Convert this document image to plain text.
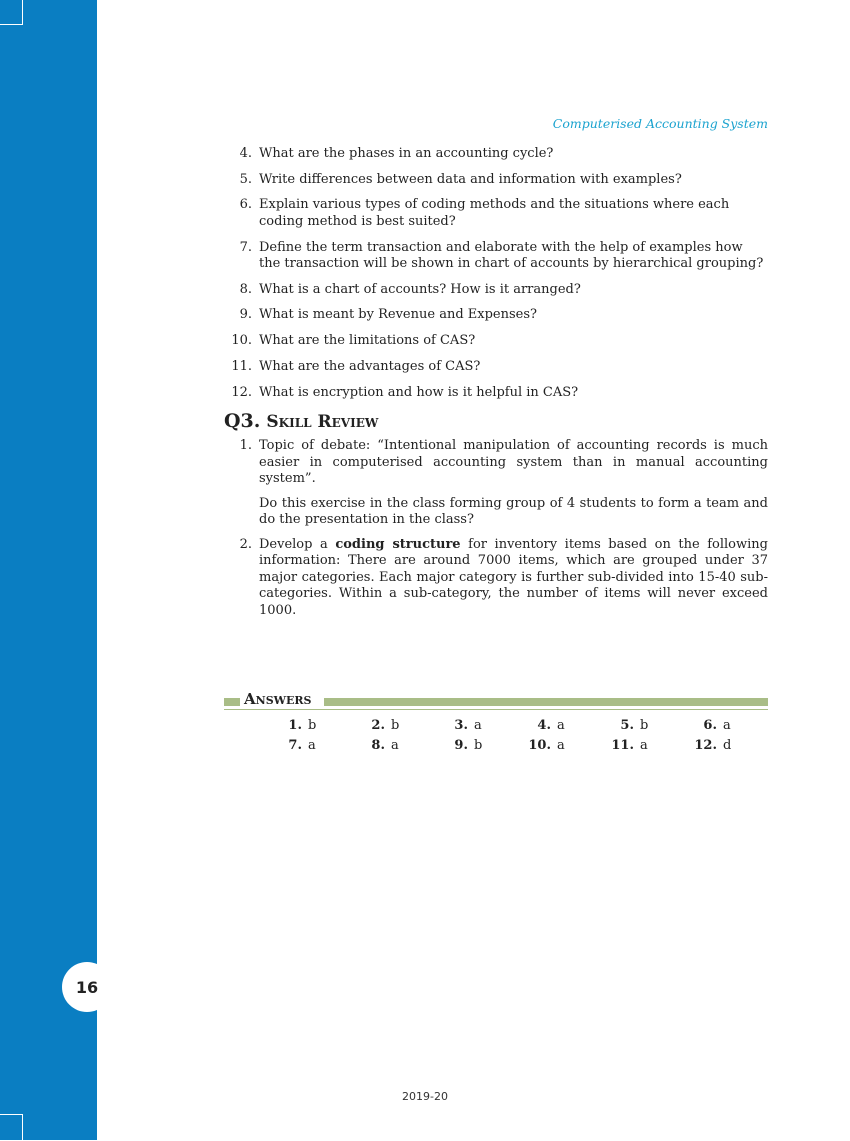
16
Computerised Accounting System
4. What are the phases in an accounting cycle?
5. Write differences between data and information with examples?
6. Explain various types of coding methods and the situations where each coding method is best suited?
7. Define the term transaction and elaborate with the help of examples how the transaction will be shown in chart of accounts by hierarchical grouping?
8. What is a chart of accounts? How is it arranged?
9. What is meant by Revenue and Expenses?
10. What are the limitations of CAS?
11. What are the advantages of CAS?
12. What is encryption and how is it helpful in CAS?
Q3. Skill Review
1. Topic of debate: “Intentional manipulation of accounting records is much easier in computerised accounting system than in manual accounting system”.

Do this exercise in the class forming group of 4 students to form a team and do the presentation in the class?

2. Develop a coding structure for inventory items based on the following information: There are around 7000 items, which are grouped under 37 major categories. Each major category is further sub-divided into 15-40 sub-categories. Within a sub-category, the number of items will never exceed 1000.

Answers
1. b	2. b	3. a	4. a	5. b	6. a
7. a	8. a	9. b	10. a	11. a	12. d
2019-20
